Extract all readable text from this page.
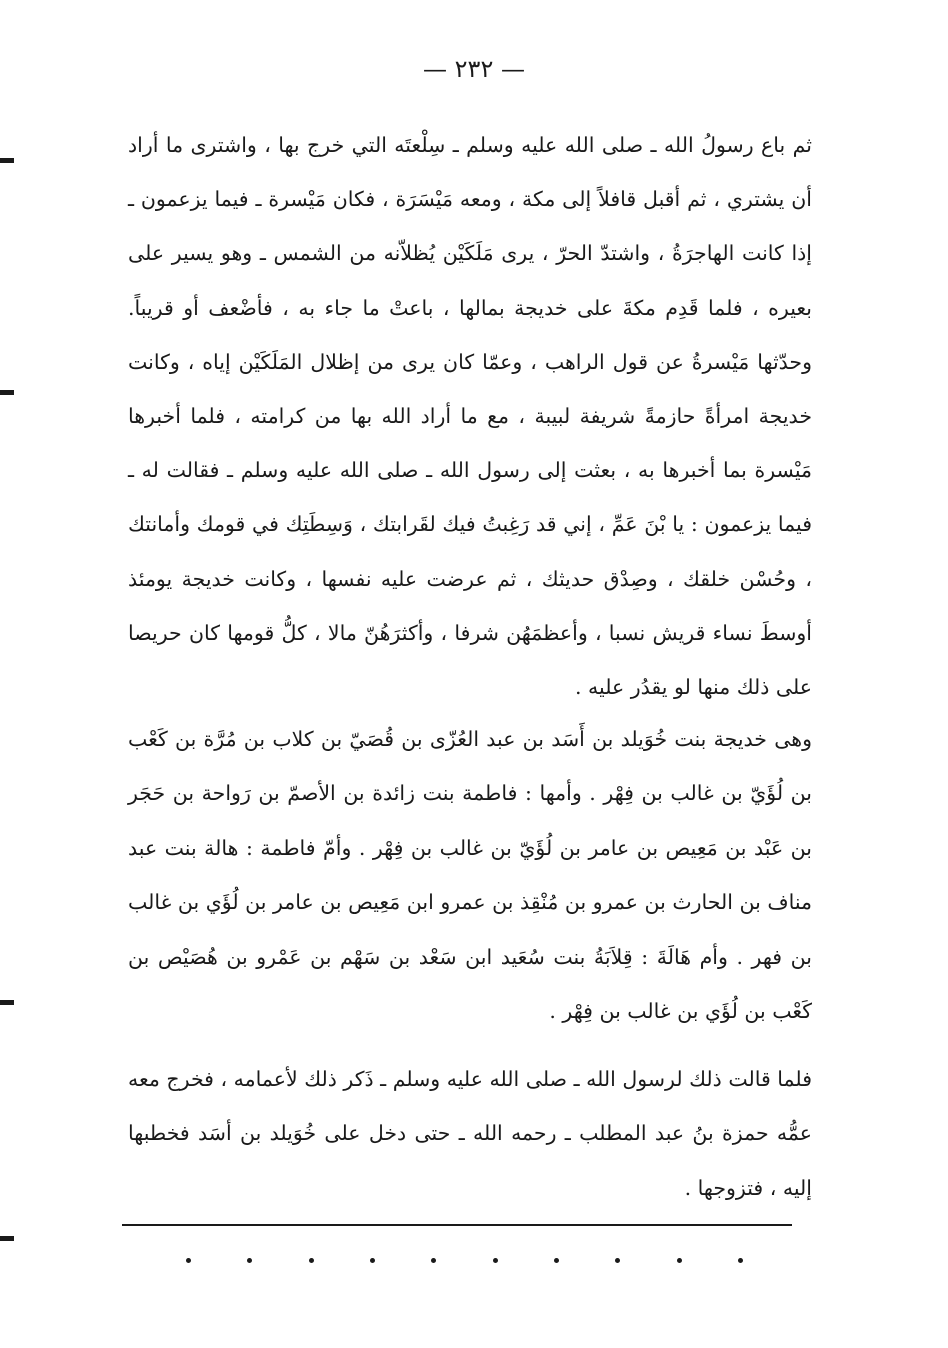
— ٢٣٢ —
ثم باع رسولُ الله ـ صلى الله عليه وسلم ـ سِلْعتَه التي خرج بها ، واشترى ما أراد أن يشتري ، ثم أقبل قافلاً إلى مكة ، ومعه مَيْسَرَة ، فكان مَيْسرة ـ فيما يزعمون ـ إذا كانت الهاجرَةُ ، واشتدّ الحرّ ، يرى مَلَكَيْن يُظلاّنه من الشمس ـ وهو يسير على بعيره ، فلما قَدِم مكةَ على خديجة بمالها ، باعتْ ما جاء به ، فأضْعف أو قريباً. وحدّثها مَيْسرةُ عن قول الراهب ، وعمّا كان يرى من إظلال المَلَكَيْن إياه ، وكانت خديجة امرأةً حازمةً شريفة لبيبة ، مع ما أراد الله بها من كرامته ، فلما أخبرها مَيْسرة بما أخبرها به ، بعثت إلى رسول الله ـ صلى الله عليه وسلم ـ فقالت له ـ فيما يزعمون : يا بْنَ عَمِّ ، إني قد رَغِبتُ فيك لقَرابتك ، وَسِطَتِك في قومك وأمانتك ، وحُسْن خلقك ، وصِدْق حديثك ، ثم عرضت عليه نفسها ، وكانت خديجة يومئذ أوسطَ نساء قريش نسبا ، وأعظمَهُن شرفا ، وأكثرَهُنّ مالا ، كلُّ قومها كان حريصا على ذلك منها لو يقدُر عليه .
وهى خديجة بنت خُوَيلد بن أَسَد بن عبد العُزّى بن قُصَيّ بن كلاب بن مُرَّة بن كَعْب بن لُؤَيّ بن غالب بن فِهْر . وأمها : فاطمة بنت زائدة بن الأصمّ بن رَواحة بن حَجَر بن عَبْد بن مَعِيص بن عامر بن لُؤَيّ بن غالب بن فِهْر . وأمّ فاطمة : هالة بنت عبد مناف بن الحارث بن عمرو بن مُنْقِذ بن عمرو ابن مَعِيص بن عامر بن لُؤَي بن غالب بن فهر . وأم هَالَةَ : قِلاَبَةُ بنت سُعَيد ابن سَعْد بن سَهْم بن عَمْرو بن هُصَيْص بن كَعْب بن لُؤَي بن غالب بن فِهْر .
فلما قالت ذلك لرسول الله ـ صلى الله عليه وسلم ـ ذَكر ذلك لأعمامه ، فخرج معه عمُّه حمزة بنُ عبد المطلب ـ رحمه الله ـ حتى دخل على خُوَيلد بن أسَد فخطبها إليه ، فتزوجها .
